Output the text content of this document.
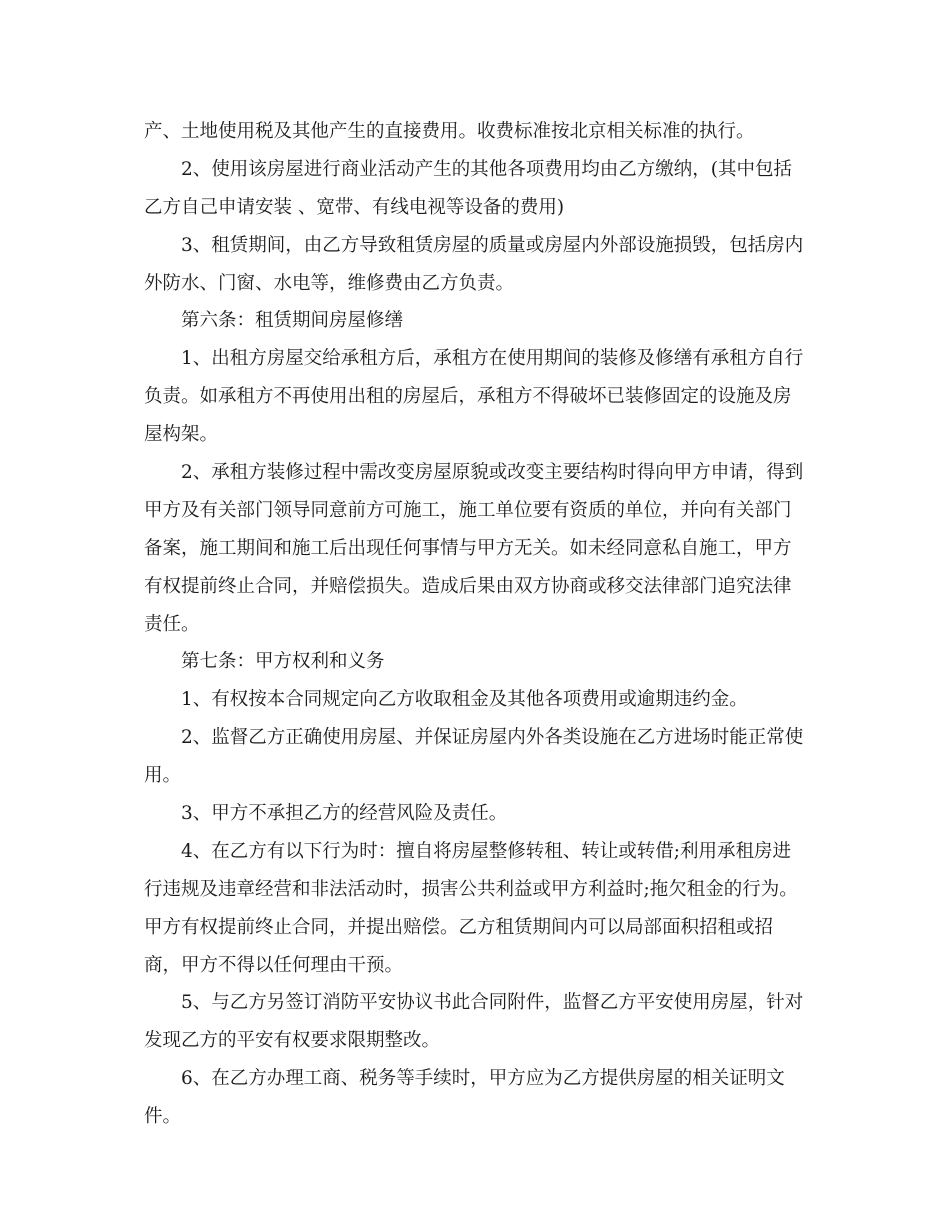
产、土地使用税及其他产生的直接费用。收费标准按北京相关标准的执行。
2、使用该房屋进行商业活动产生的其他各项费用均由乙方缴纳，(其中包括
乙方自己申请安装 、宽带、有线电视等设备的费用)
3、租赁期间，由乙方导致租赁房屋的质量或房屋内外部设施损毁，包括房内
外防水、门窗、水电等，维修费由乙方负责。
第六条：租赁期间房屋修缮
1、出租方房屋交给承租方后，承租方在使用期间的装修及修缮有承租方自行
负责。如承租方不再使用出租的房屋后，承租方不得破坏已装修固定的设施及房
屋构架。
2、承租方装修过程中需改变房屋原貌或改变主要结构时得向甲方申请，得到
甲方及有关部门领导同意前方可施工，施工单位要有资质的单位，并向有关部门
备案，施工期间和施工后出现任何事情与甲方无关。如未经同意私自施工，甲方
有权提前终止合同，并赔偿损失。造成后果由双方协商或移交法律部门追究法律
责任。
第七条：甲方权利和义务
1、有权按本合同规定向乙方收取租金及其他各项费用或逾期违约金。
2、监督乙方正确使用房屋、并保证房屋内外各类设施在乙方进场时能正常使
用。
3、甲方不承担乙方的经营风险及责任。
4、在乙方有以下行为时：擅自将房屋整修转租、转让或转借;利用承租房进
行违规及违章经营和非法活动时，损害公共利益或甲方利益时;拖欠租金的行为。
甲方有权提前终止合同，并提出赔偿。乙方租赁期间内可以局部面积招租或招
商，甲方不得以任何理由干预。
5、与乙方另签订消防平安协议书此合同附件，监督乙方平安使用房屋，针对
发现乙方的平安有权要求限期整改。
6、在乙方办理工商、税务等手续时，甲方应为乙方提供房屋的相关证明文
件。
